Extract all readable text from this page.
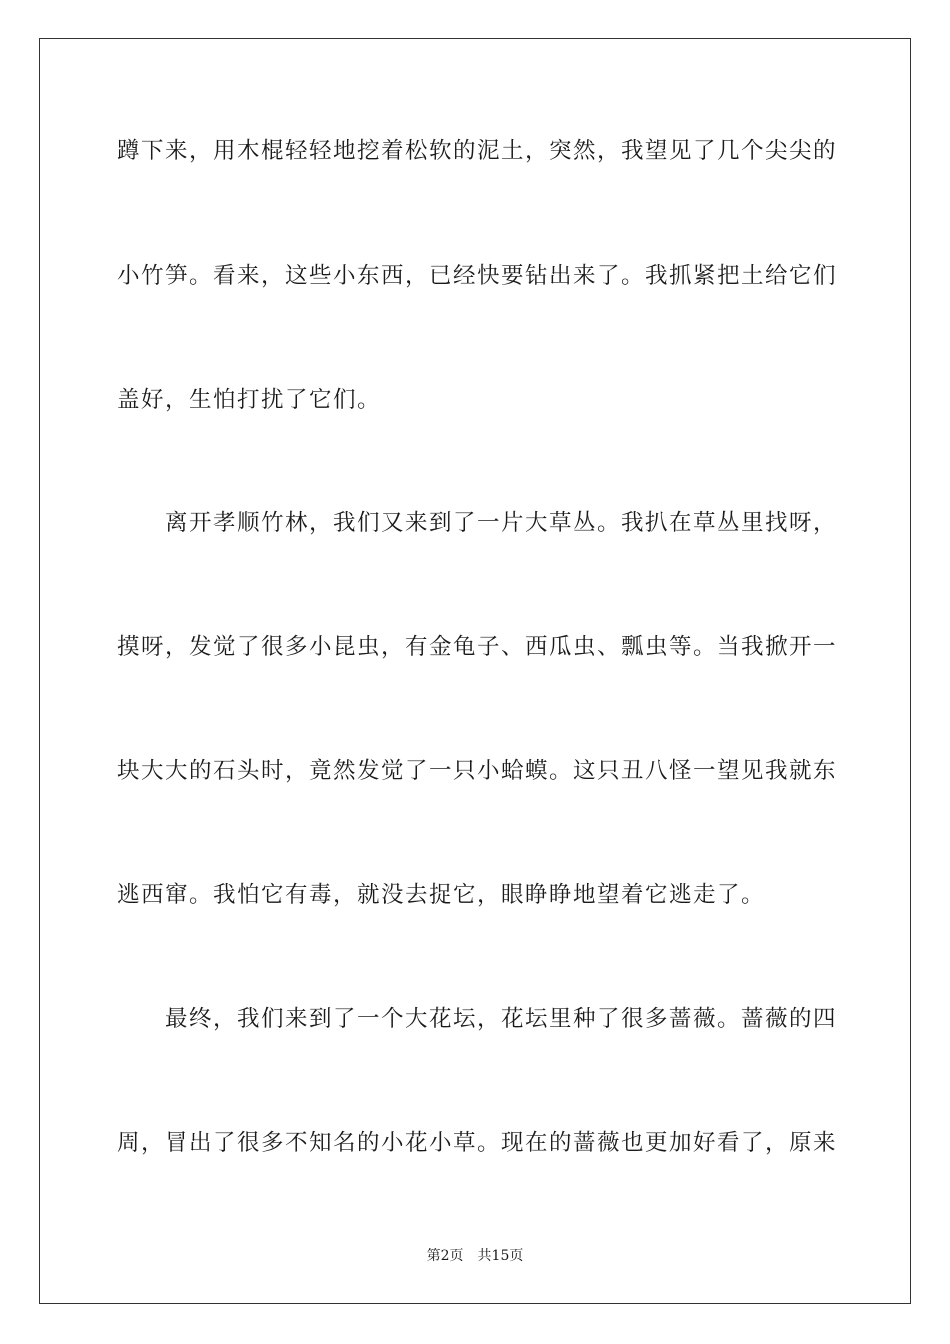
蹲下来，用木棍轻轻地挖着松软的泥土，突然，我望见了几个尖尖的
小竹笋。看来，这些小东西，已经快要钻出来了。我抓紧把土给它们
盖好，生怕打扰了它们。
离开孝顺竹林，我们又来到了一片大草丛。我扒在草丛里找呀，
摸呀，发觉了很多小昆虫，有金龟子、西瓜虫、瓢虫等。当我掀开一
块大大的石头时，竟然发觉了一只小蛤蟆。这只丑八怪一望见我就东
逃西窜。我怕它有毒，就没去捉它，眼睁睁地望着它逃走了。
最终，我们来到了一个大花坛，花坛里种了很多蔷薇。蔷薇的四
周，冒出了很多不知名的小花小草。现在的蔷薇也更加好看了，原来
第2页 共15页
